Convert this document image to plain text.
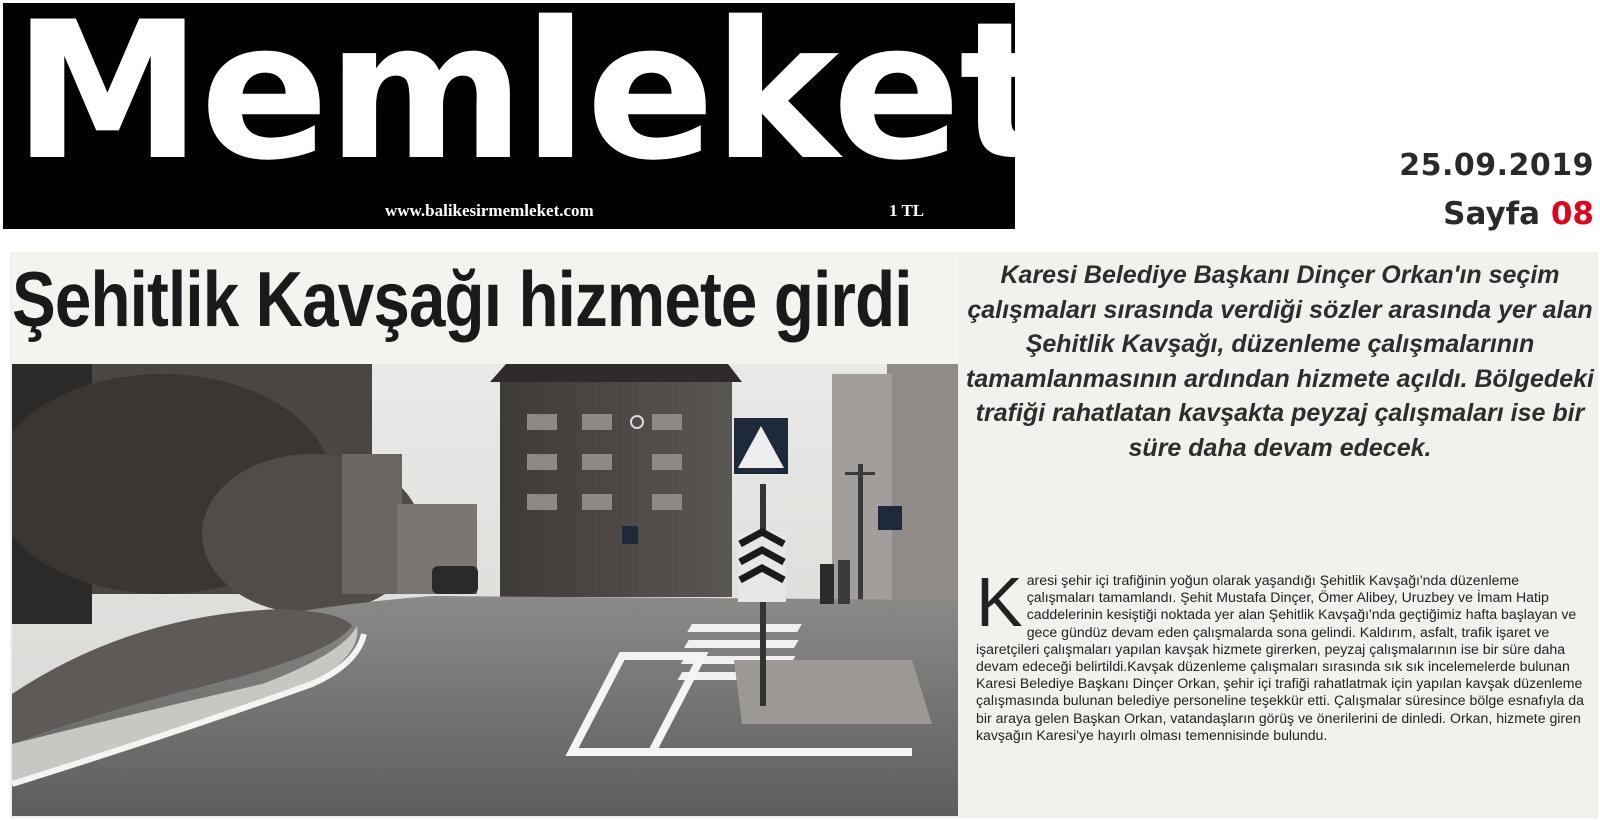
Memleket
www.balikesirmemleket.com	1 TL
25.09.2019
Sayfa 08
Şehitlik Kavşağı hizmete girdi	Karesi Belediye Başkanı Dinçer Orkan'ın seçim çalışmaları sırasında verdiği sözler arasında yer alan Şehitlik Kavşağı, düzenleme çalışmalarının tamamlanmasının ardından hizmete açıldı. Bölgedeki trafiği rahatlatan kavşakta peyzaj çalışmaları ise bir süre daha devam edecek.

K aresi şehir içi trafiğinin yoğun olarak yaşandığı Şehitlik Kavşağı'nda düzenleme çalışmaları tamamlandı. Şehit Mustafa Dinçer, Ömer Alibey, Uruzbey ve İmam Hatip caddelerinin kesiştiği noktada yer alan Şehitlik Kavşağı'nda geçtiğimiz hafta başlayan ve gece gündüz devam eden çalışmalarda sona gelindi. Kaldırım, asfalt, trafik işaret ve işaretçileri çalışmaları yapılan kavşak hizmete girerken, peyzaj çalışmalarının ise bir süre daha devam edeceği belirtildi.Kavşak düzenleme çalışmaları sırasında sık sık incelemelerde bulunan Karesi Belediye Başkanı Dinçer Orkan, şehir içi trafiği rahatlatmak için yapılan kavşak düzenleme çalışmasında bulunan belediye personeline teşekkür etti. Çalışmalar süresince bölge esnafıyla da bir araya gelen Başkan Orkan, vatandaşların görüş ve önerilerini de dinledi. Orkan, hizmete giren kavşağın Karesi'ye hayırlı olması temennisinde bulundu.
